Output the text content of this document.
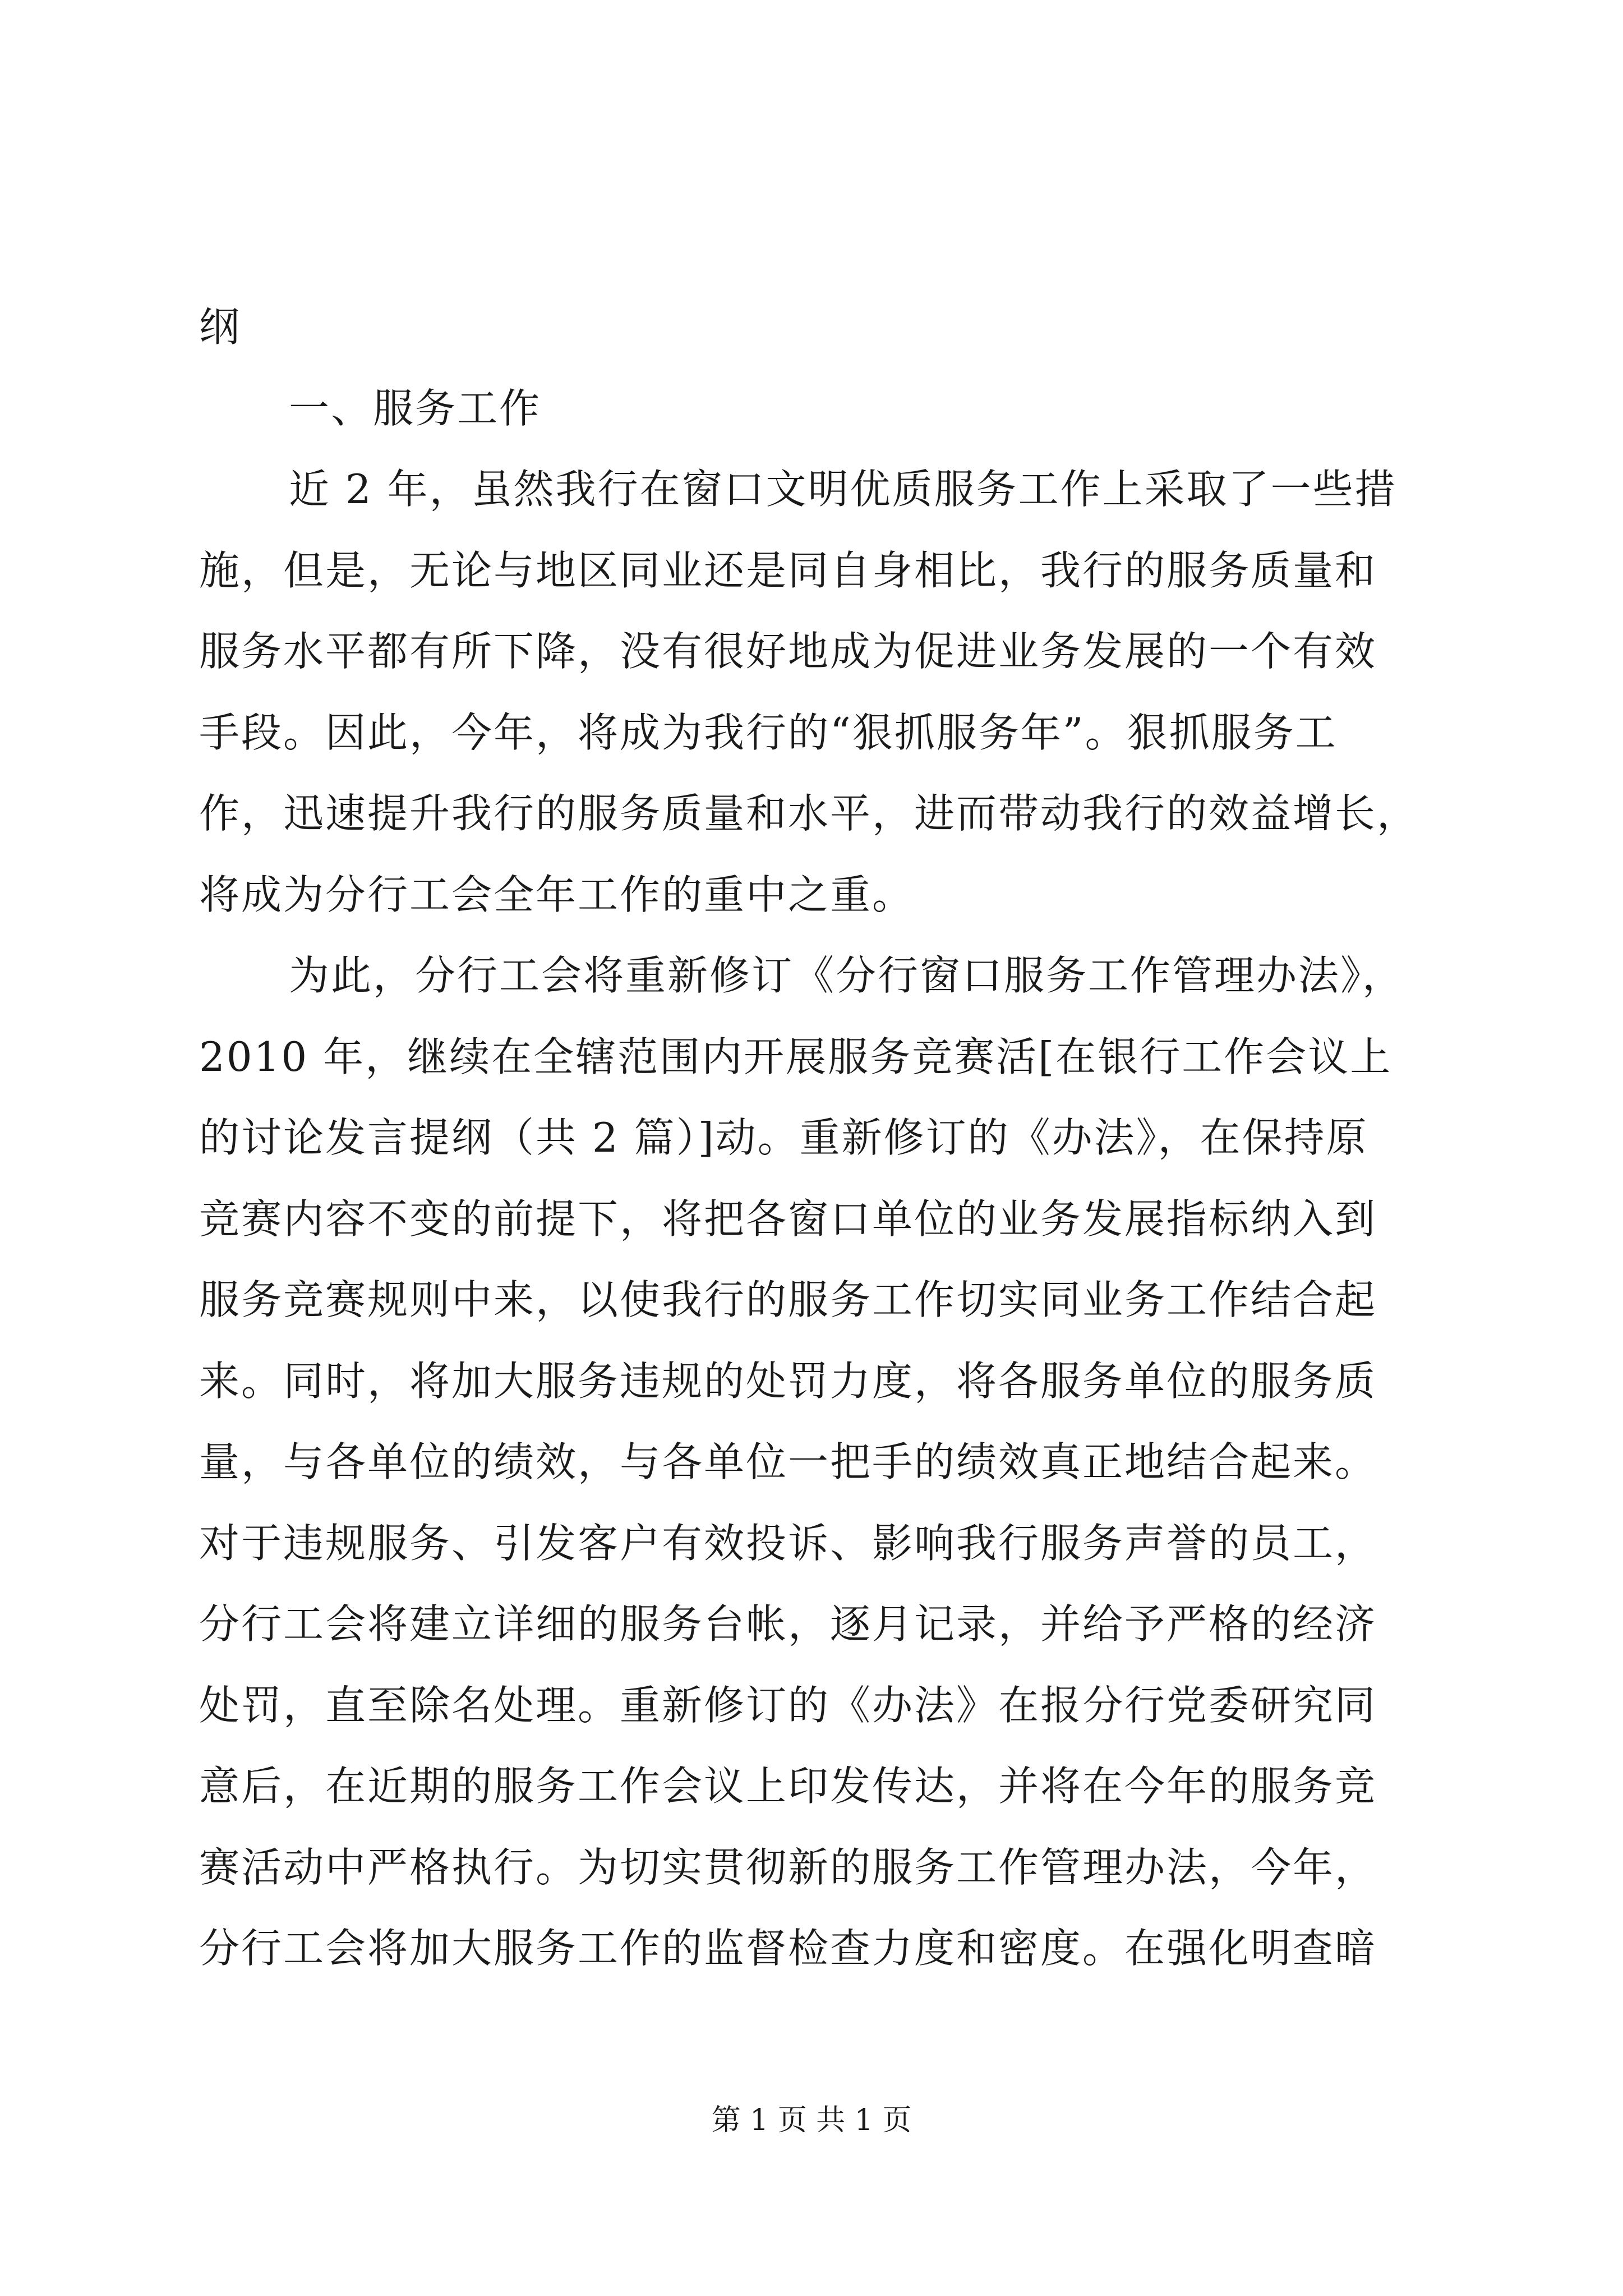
纲
一、服务工作
近 2 年，虽然我行在窗口文明优质服务工作上采取了一些措
施，但是，无论与地区同业还是同自身相比，我行的服务质量和
服务水平都有所下降，没有很好地成为促进业务发展的一个有效
手段。因此，今年，将成为我行的“狠抓服务年”。狠抓服务工
作，迅速提升我行的服务质量和水平，进而带动我行的效益增长，
将成为分行工会全年工作的重中之重。
为此，分行工会将重新修订《分行窗口服务工作管理办法》，
2010 年，继续在全辖范围内开展服务竞赛活[在银行工作会议上
的讨论发言提纲（共 2 篇）]动。重新修订的《办法》，在保持原
竞赛内容不变的前提下，将把各窗口单位的业务发展指标纳入到
服务竞赛规则中来，以使我行的服务工作切实同业务工作结合起
来。同时，将加大服务违规的处罚力度，将各服务单位的服务质
量，与各单位的绩效，与各单位一把手的绩效真正地结合起来。
对于违规服务、引发客户有效投诉、影响我行服务声誉的员工，
分行工会将建立详细的服务台帐，逐月记录，并给予严格的经济
处罚，直至除名处理。重新修订的《办法》在报分行党委研究同
意后，在近期的服务工作会议上印发传达，并将在今年的服务竞
赛活动中严格执行。为切实贯彻新的服务工作管理办法，今年，
分行工会将加大服务工作的监督检查力度和密度。在强化明查暗
第 1 页 共 1 页
